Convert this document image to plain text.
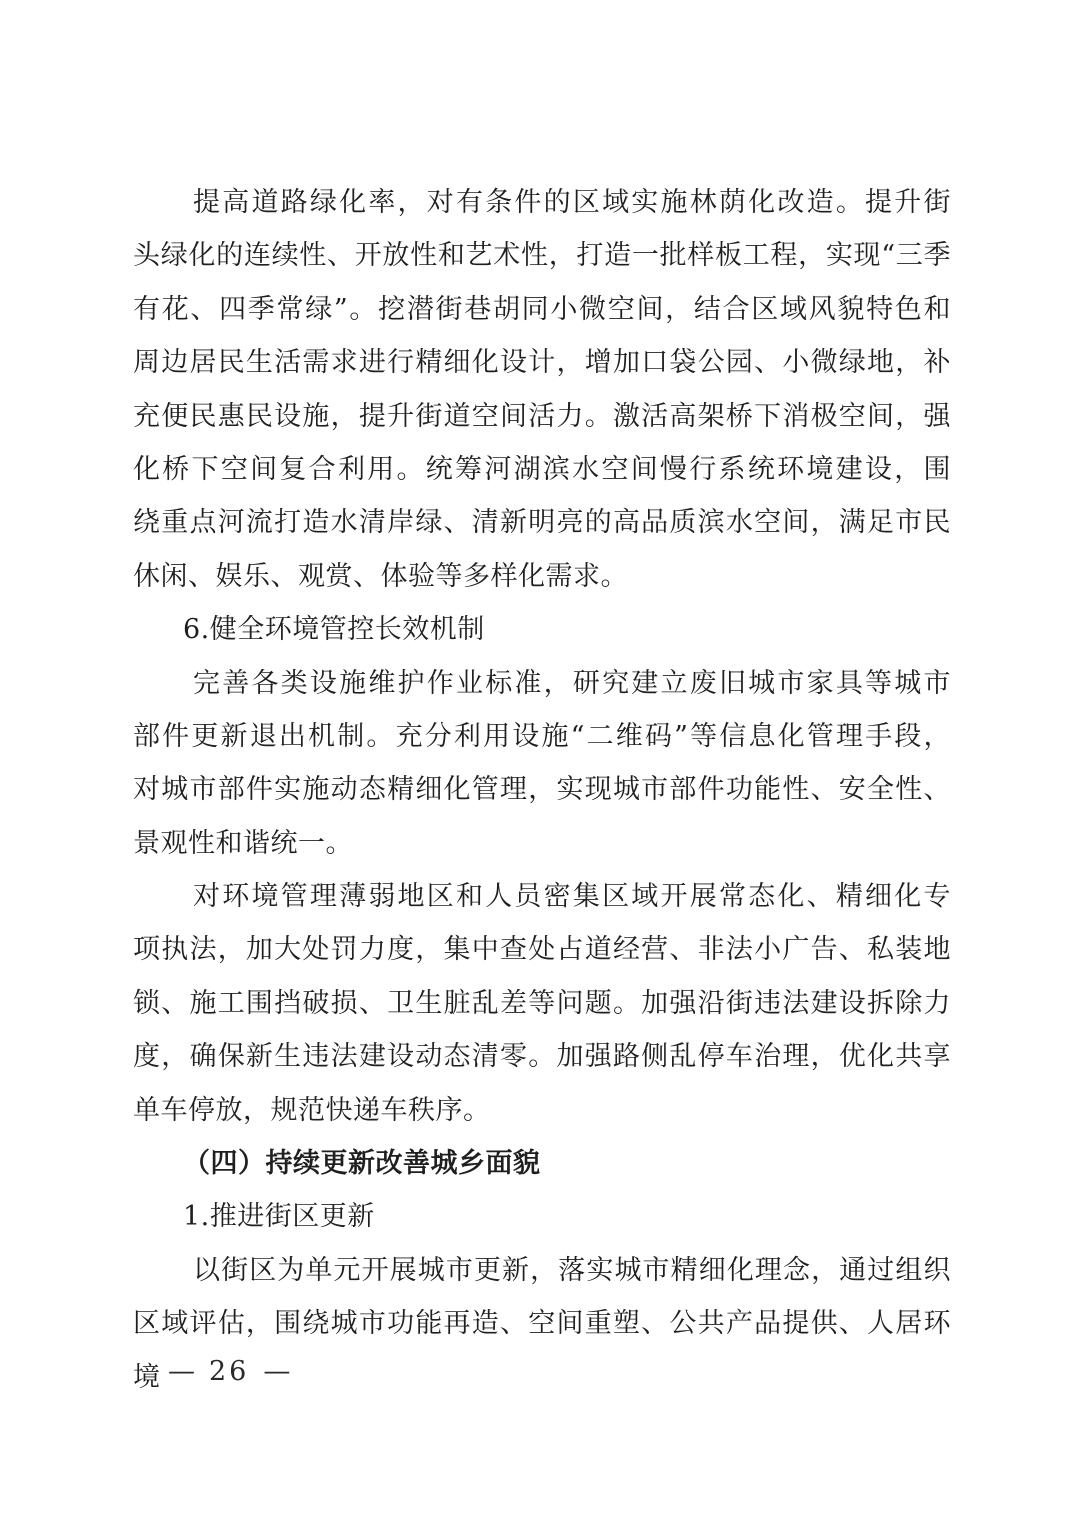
提高道路绿化率，对有条件的区域实施林荫化改造。提升街
头绿化的连续性、开放性和艺术性，打造一批样板工程，实现“三季
有花、四季常绿”。挖潜街巷胡同小微空间，结合区域风貌特色和
周边居民生活需求进行精细化设计，增加口袋公园、小微绿地，补
充便民惠民设施，提升街道空间活力。激活高架桥下消极空间，强
化桥下空间复合利用。统筹河湖滨水空间慢行系统环境建设，围
绕重点河流打造水清岸绿、清新明亮的高品质滨水空间，满足市民
休闲、娱乐、观赏、体验等多样化需求。
6.健全环境管控长效机制
完善各类设施维护作业标准，研究建立废旧城市家具等城市
部件更新退出机制。充分利用设施“二维码”等信息化管理手段，
对城市部件实施动态精细化管理，实现城市部件功能性、安全性、
景观性和谐统一。
对环境管理薄弱地区和人员密集区域开展常态化、精细化专
项执法，加大处罚力度，集中查处占道经营、非法小广告、私装地
锁、施工围挡破损、卫生脏乱差等问题。加强沿街违法建设拆除力
度，确保新生违法建设动态清零。加强路侧乱停车治理，优化共享
单车停放，规范快递车秩序。
（四）持续更新改善城乡面貌
1.推进街区更新
以街区为单元开展城市更新，落实城市精细化理念，通过组织
区域评估，围绕城市功能再造、空间重塑、公共产品提供、人居环境 — 26 —
